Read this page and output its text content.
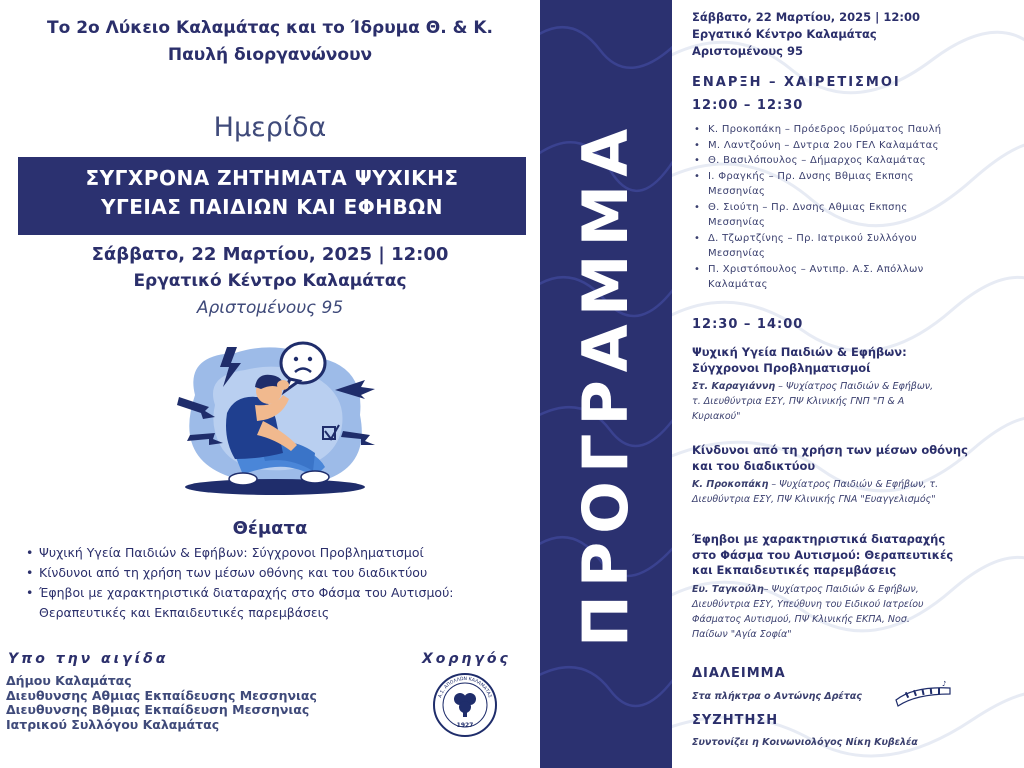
Το 2ο Λύκειο Καλαμάτας και το Ίδρυμα Θ. & Κ.
Παυλή διοργανώνουν
Ημερίδα
ΣΥΓΧΡΟΝΑ ΖΗΤΗΜΑΤΑ ΨΥΧΙΚΗΣ
ΥΓΕΙΑΣ ΠΑΙΔΙΩΝ ΚΑΙ ΕΦΗΒΩΝ
Σάββατο, 22 Μαρτίου, 2025 | 12:00
Εργατικό Κέντρο Καλαμάτας
Αριστομένους 95
Θέματα
• Ψυχική Υγεία Παιδιών & Εφήβων: Σύγχρονοι Προβληματισμοί
• Κίνδυνοι από τη χρήση των μέσων οθόνης και του διαδικτύου
• Έφηβοι με χαρακτηριστικά διαταραχής στο Φάσμα του Αυτισμού:
Θεραπευτικές και Εκπαιδευτικές παρεμβάσεις
Υπο την αιγίδα
Δήμου Καλαμάτας
Διευθυνσης Αθμιας Εκπαίδευσης Μεσσηνιας
Διευθυνσης Βθμιας Εκπαίδευση Μεσσηνιας
Ιατρικού Συλλόγου Καλαμάτας
Χορηγός
Α.Σ. ΑΠΟΛΛΩΝ ΚΑΛΑΜΑΤΑΣ
1927
ΠΡΟΓΡΑΜΜΑ
Σάββατο, 22 Μαρτίου, 2025 | 12:00
Εργατικό Κέντρο Καλαμάτας
Αριστομένους 95
ΕΝΑΡΞΗ – ΧΑΙΡΕΤΙΣΜΟΙ
12:00 – 12:30
• Κ. Προκοπάκη – Πρόεδρος Ιδρύματος Παυλή
• Μ. Λαντζούνη – Δντρια 2ου ΓΕΛ Καλαμάτας
• Θ. Βασιλόπουλος – Δήμαρχος Καλαμάτας
• Ι. Φραγκής – Πρ. Δνσης Βθμιας Εκπσης
Μεσσηνίας
• Θ. Σιούτη – Πρ. Δνσης Αθμιας Εκπσης
Μεσσηνίας
• Δ. Τζωρτζίνης – Πρ. Ιατρικού Συλλόγου
Μεσσηνίας
• Π. Χριστόπουλος – Αντιπρ. Α.Σ. Απόλλων
Καλαμάτας
12:30 – 14:00
Ψυχική Υγεία Παιδιών & Εφήβων:
Σύγχρονοι Προβληματισμοί
Στ. Καραγιάννη – Ψυχίατρος Παιδιών & Εφήβων,
τ. Διευθύντρια ΕΣΥ, ΠΨ Κλινικής ΓΝΠ "Π & Α
Κυριακού"
Κίνδυνοι από τη χρήση των μέσων οθόνης
και του διαδικτύου
Κ. Προκοπάκη – Ψυχίατρος Παιδιών & Εφήβων, τ.
Διευθύντρια ΕΣΥ, ΠΨ Κλινικής ΓΝΑ "Ευαγγελισμός"
Έφηβοι με χαρακτηριστικά διαταραχής
στο Φάσμα του Αυτισμού: Θεραπευτικές
και Εκπαιδευτικές παρεμβάσεις
Ευ. Ταγκούλη– Ψυχίατρος Παιδιών & Εφήβων,
Διευθύντρια ΕΣΥ, Υπεύθυνη του Ειδικού Ιατρείου
Φάσματος Αυτισμού, ΠΨ Κλινικής ΕΚΠΑ, Νοσ.
Παίδων "Αγία Σοφία"
ΔΙΑΛΕΙΜΜΑ
Στα πλήκτρα ο Αντώνης Δρέτας
♪
ΣΥΖΗΤΗΣΗ
Συντονίζει η Κοινωνιολόγος Νίκη Κυβελέα
